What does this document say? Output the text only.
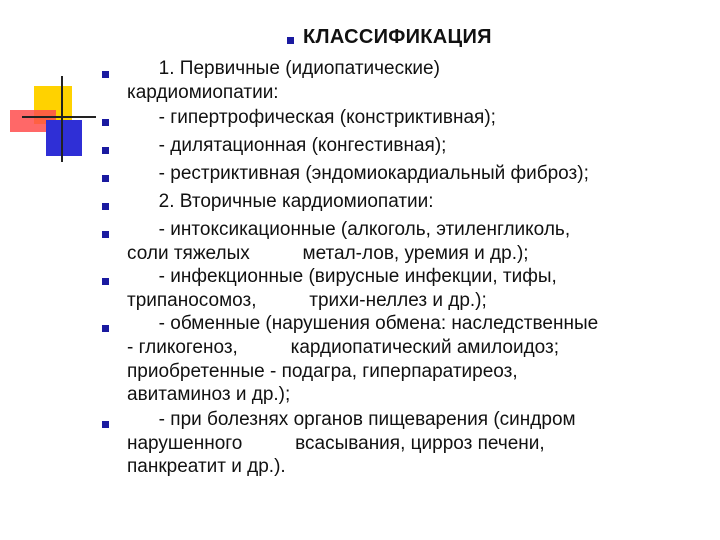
КЛАССИФИКАЦИЯ
1. Первичные (идиопатические)
кардиомиопатии:
- гипертрофическая (констриктивная);
- дилятационная (конгестивная);
- рестриктивная (эндомиокардиальный фиброз);
2. Вторичные кардиомиопатии:
- интоксикационные (алкоголь, этиленгликоль,
соли тяжелых          метал-лов, уремия и др.);
- инфекционные (вирусные инфекции, тифы,
трипаносомоз,          трихи-неллез и др.);
- обменные (нарушения обмена: наследственные
- гликогеноз,          кардиопатический амилоидоз;
приобретенные - подагра, гиперпаратиреоз,
авитаминоз и др.);
- при болезнях органов пищеварения (синдром
нарушенного          всасывания, цирроз печени,
панкреатит и др.).
